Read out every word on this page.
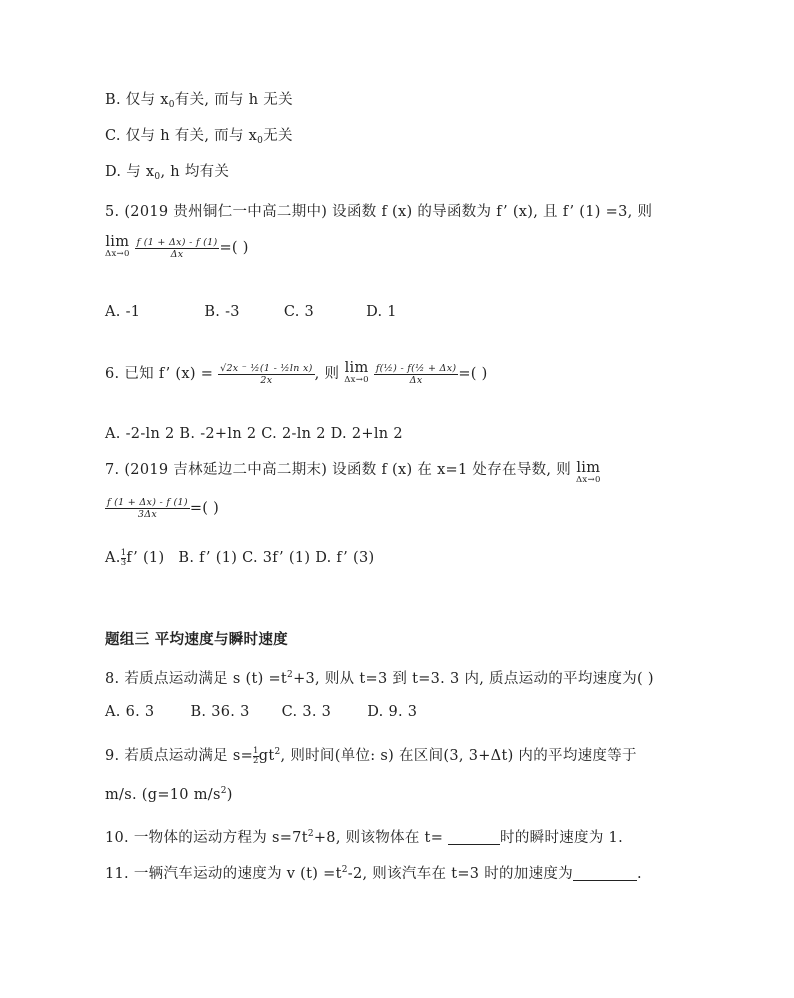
B. 仅与 $x_0$有关, 而与 h 无关
C. 仅与 h 有关, 而与 $x_0$无关
D. 与 $x_0$, h 均有关
5. (2019 贵州铜仁一中高二期中) 设函数 f (x) 的导函数为 f’ (x), 且 f’ (1) =3, 则
lim
Δx→0
$\frac{f (1 + \Delta x) - f (1)}{\Delta x}$ =( )
A. -1	B. -3	C. 3	D. 1
6. 已知 f’ $(x) = \frac{\text{√2x ⁻ ½(1 - ½ln x)}}{2x}$ , 则 lim
Δx→0
$\frac{\text{f(½) - f(½ + Δx)}}{\Delta x}$ =( )
A. -2-ln 2 B. -2+ln 2 C. 2-ln 2 D. 2+ln 2
7. (2019 吉林延边二中高二期末) 设函数 f (x) 在 x=1 处存在导数, 则 lim
Δx→0
$\frac{f (1 + \Delta x) - f (1)}{3\Delta x}$ =( )
A. $\frac{1}{3} f$’ (1) B. f’ (1) C. 3f’ (1) D. f’ (3)
题组三 平均速度与瞬时速度
8. 若质点运动满足 s $(t) =t^2+3$, 则从 t=3 到 t=3. 3 内, 质点运动的平均速度为( )
A. 6. 3 B. 36. 3 C. 3. 3 D. 9. 3
9. 若质点运动满足 $s= \frac{1}{2} gt^2$, 则时间(单位: s) 在区间(3, 3+Δt) 内的平均速度等于
m/s. (g=10 $m/s^2$)
10. 一物体的运动方程为 $s=7t^2+8$, 则该物体在 t=	时的瞬时速度为 1.
11. 一辆汽车运动的速度为 v $(t) =t^2-2$, 则该汽车在 t=3 时的加速度为	.
